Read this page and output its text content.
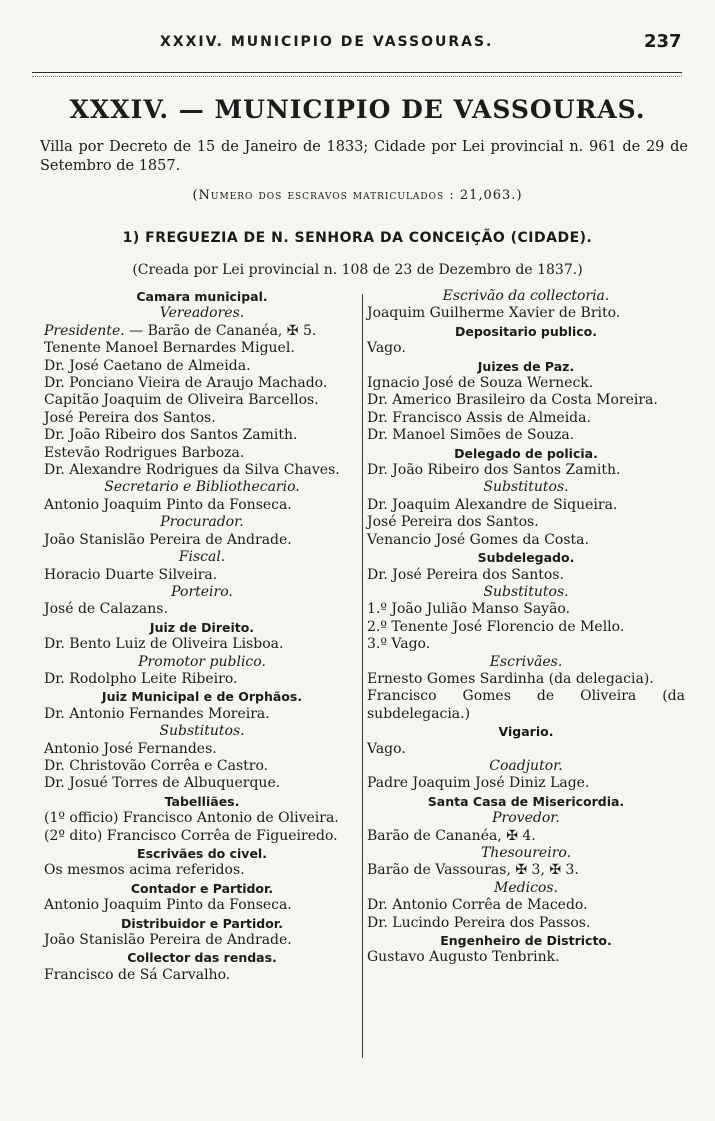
XXXIV. MUNICIPIO DE VASSOURAS.	237
XXXIV. — MUNICIPIO DE VASSOURAS.
Villa por Decreto de 15 de Janeiro de 1833; Cidade por Lei provincial n. 961 de 29 de Setembro de 1857.
(Numero dos escravos matriculados : 21,063.)
1) FREGUEZIA DE N. SENHORA DA CONCEIÇÃO (CIDADE).
(Creada por Lei provincial n. 108 de 23 de Dezembro de 1837.)
Camara municipal.
Vereadores.
Presidente. — Barão de Cananéa, ✠ 5.
Tenente Manoel Bernardes Miguel.
Dr. José Caetano de Almeida.
Dr. Ponciano Vieira de Araujo Machado.
Capitão Joaquim de Oliveira Barcellos.
José Pereira dos Santos.
Dr. João Ribeiro dos Santos Zamith.
Estevão Rodrigues Barboza.
Dr. Alexandre Rodrigues da Silva Chaves.
Secretario e Bibliothecario.
Antonio Joaquim Pinto da Fonseca.
Procurador.
João Stanislão Pereira de Andrade.
Fiscal.
Horacio Duarte Silveira.
Porteiro.
José de Calazans.
Juiz de Direito.
Dr. Bento Luiz de Oliveira Lisboa.
Promotor publico.
Dr. Rodolpho Leite Ribeiro.
Juiz Municipal e de Orphãos.
Dr. Antonio Fernandes Moreira.
Substitutos.
Antonio José Fernandes.
Dr. Christovão Corrêa e Castro.
Dr. Josué Torres de Albuquerque.
Tabelliães.
(1º officio) Francisco Antonio de Oliveira.
(2º dito) Francisco Corrêa de Figueiredo.
Escrivães do civel.
Os mesmos acima referidos.
Contador e Partidor.
Antonio Joaquim Pinto da Fonseca.
Distribuidor e Partidor.
João Stanislão Pereira de Andrade.
Collector das rendas.
Francisco de Sá Carvalho.
Escrivão da collectoria.
Joaquim Guilherme Xavier de Brito.
Depositario publico.
Vago.
Juizes de Paz.
Ignacio José de Souza Werneck.
Dr. Americo Brasileiro da Costa Moreira.
Dr. Francisco Assis de Almeida.
Dr. Manoel Simões de Souza.
Delegado de policia.
Dr. João Ribeiro dos Santos Zamith.
Substitutos.
Dr. Joaquim Alexandre de Siqueira.
José Pereira dos Santos.
Venancio José Gomes da Costa.
Subdelegado.
Dr. José Pereira dos Santos.
Substitutos.
1.º João Julião Manso Sayão.
2.º Tenente José Florencio de Mello.
3.º Vago.
Escrivães.
Ernesto Gomes Sardinha (da delegacia).
Francisco Gomes de Oliveira (da subdelegacia.)
Vigario.
Vago.
Coadjutor.
Padre Joaquim José Diniz Lage.
Santa Casa de Misericordia.
Provedor.
Barão de Cananéa, ✠ 4.
Thesoureiro.
Barão de Vassouras, ✠ 3, ✠ 3.
Medicos.
Dr. Antonio Corrêa de Macedo.
Dr. Lucindo Pereira dos Passos.
Engenheiro de Districto.
Gustavo Augusto Tenbrink.
